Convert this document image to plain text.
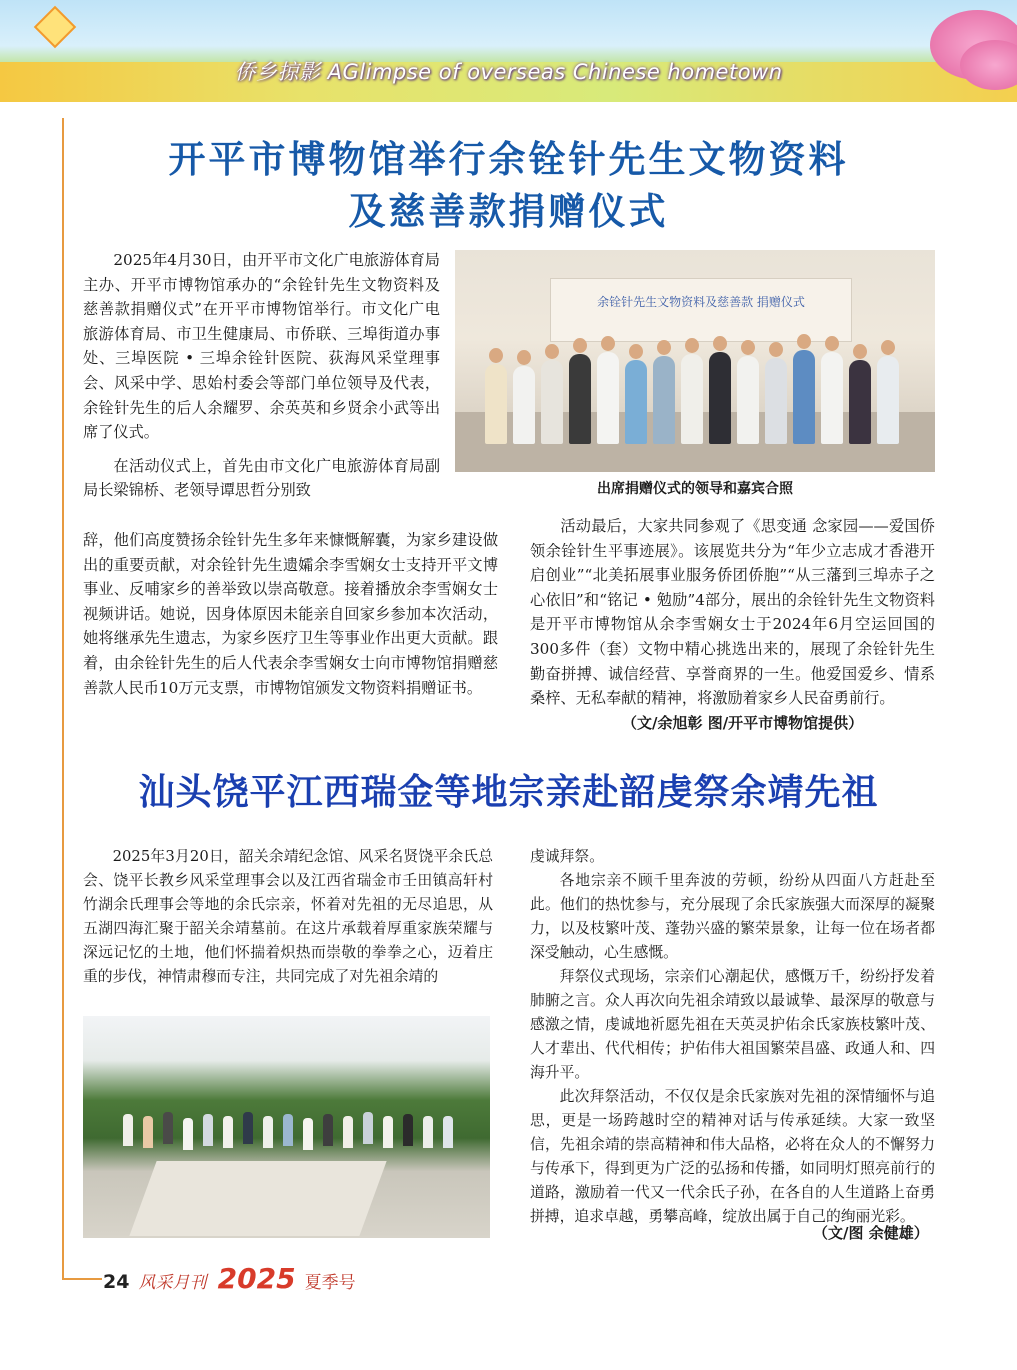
侨乡掠影 AGlimpse of overseas Chinese hometown
开平市博物馆举行余铨针先生文物资料
及慈善款捐赠仪式

2025年4月30日，由开平市文化广电旅游体育局主办、开平市博物馆承办的“余铨针先生文物资料及慈善款捐赠仪式”在开平市博物馆举行。市文化广电旅游体育局、市卫生健康局、市侨联、三埠街道办事处、三埠医院 • 三埠余铨针医院、荻海风采堂理事会、风采中学、思始村委会等部门单位领导及代表，余铨针先生的后人余耀罗、余英英和乡贤余小武等出席了仪式。

在活动仪式上，首先由市文化广电旅游体育局副局长梁锦桥、老领导谭思哲分别致

辞，他们高度赞扬余铨针先生多年来慷慨解囊，为家乡建设做出的重要贡献，对余铨针先生遗孀余李雪娴女士支持开平文博事业、反哺家乡的善举致以崇高敬意。接着播放余李雪娴女士视频讲话。她说，因身体原因未能亲自回家乡参加本次活动，她将继承先生遗志，为家乡医疗卫生等事业作出更大贡献。跟着，由余铨针先生的后人代表余李雪娴女士向市博物馆捐赠慈善款人民币10万元支票，市博物馆颁发文物资料捐赠证书。

余铨针先生文物资料及慈善款 捐赠仪式
出席捐赠仪式的领导和嘉宾合照

活动最后，大家共同参观了《思变通 念家园——爱国侨领余铨针生平事迹展》。该展览共分为“年少立志成才香港开启创业”“北美拓展事业服务侨团侨胞”“从三藩到三埠赤子之心依旧”和“铭记 • 勉励”4部分，展出的余铨针先生文物资料是开平市博物馆从余李雪娴女士于2024年6月空运回国的300多件（套）文物中精心挑选出来的，展现了余铨针先生勤奋拼搏、诚信经营、享誉商界的一生。他爱国爱乡、情系桑梓、无私奉献的精神，将激励着家乡人民奋勇前行。

（文/余旭彰 图/开平市博物馆提供）
汕头饶平江西瑞金等地宗亲赴韶虔祭余靖先祖

2025年3月20日，韶关余靖纪念馆、风采名贤饶平余氏总会、饶平长教乡风采堂理事会以及江西省瑞金市壬田镇高轩村竹湖余氏理事会等地的余氏宗亲，怀着对先祖的无尽追思，从五湖四海汇聚于韶关余靖墓前。在这片承载着厚重家族荣耀与深远记忆的土地，他们怀揣着炽热而崇敬的拳拳之心，迈着庄重的步伐，神情肃穆而专注，共同完成了对先祖余靖的

虔诚拜祭。

各地宗亲不顾千里奔波的劳顿，纷纷从四面八方赶赴至此。他们的热忱参与，充分展现了余氏家族强大而深厚的凝聚力，以及枝繁叶茂、蓬勃兴盛的繁荣景象，让每一位在场者都深受触动，心生感慨。

拜祭仪式现场，宗亲们心潮起伏，感慨万千，纷纷抒发着肺腑之言。众人再次向先祖余靖致以最诚挚、最深厚的敬意与感激之情，虔诚地祈愿先祖在天英灵护佑余氏家族枝繁叶茂、人才辈出、代代相传；护佑伟大祖国繁荣昌盛、政通人和、四海升平。

此次拜祭活动，不仅仅是余氏家族对先祖的深情缅怀与追思，更是一场跨越时空的精神对话与传承延续。大家一致坚信，先祖余靖的崇高精神和伟大品格，必将在众人的不懈努力与传承下，得到更为广泛的弘扬和传播，如同明灯照亮前行的道路，激励着一代又一代余氏子孙，在各自的人生道路上奋勇拼搏，追求卓越，勇攀高峰，绽放出属于自己的绚丽光彩。

（文/图 余健雄）
24 风采月刊 2025 夏季号
